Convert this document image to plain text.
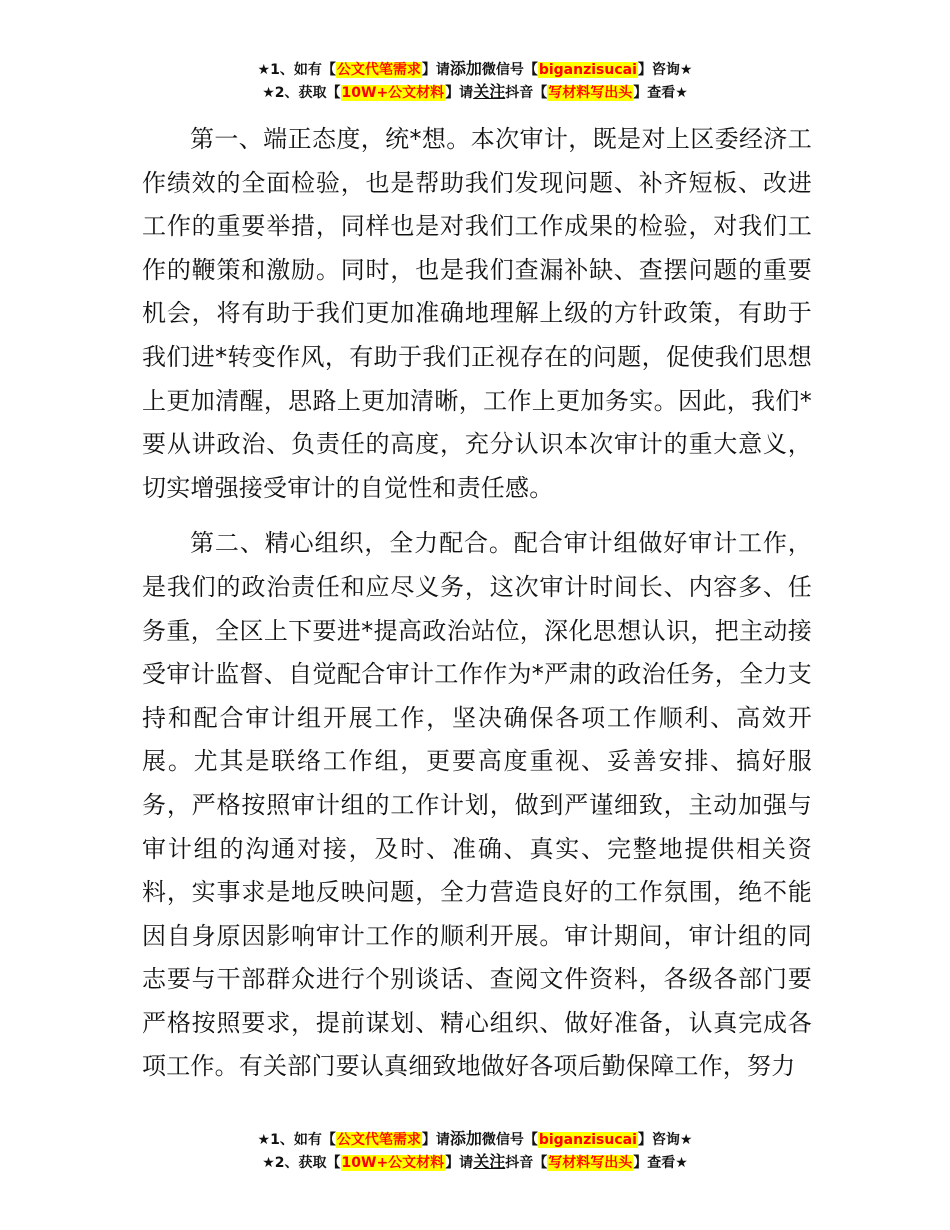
★1、如有【公文代笔需求】请添加微信号【biganzisucai】咨询★
★2、获取【10W+公文材料】请关注抖音【写材料写出头】查看★

第一、端正态度，统*想。本次审计，既是对上区委经济工作绩效的全面检验，也是帮助我们发现问题、补齐短板、改进工作的重要举措，同样也是对我们工作成果的检验，对我们工作的鞭策和激励。同时，也是我们查漏补缺、查摆问题的重要机会，将有助于我们更加准确地理解上级的方针政策，有助于我们进*转变作风，有助于我们正视存在的问题，促使我们思想上更加清醒，思路上更加清晰，工作上更加务实。因此，我们*要从讲政治、负责任的高度，充分认识本次审计的重大意义，切实增强接受审计的自觉性和责任感。

第二、精心组织，全力配合。配合审计组做好审计工作，是我们的政治责任和应尽义务，这次审计时间长、内容多、任务重，全区上下要进*提高政治站位，深化思想认识，把主动接受审计监督、自觉配合审计工作作为*严肃的政治任务，全力支持和配合审计组开展工作，坚决确保各项工作顺利、高效开展。尤其是联络工作组，更要高度重视、妥善安排、搞好服务，严格按照审计组的工作计划，做到严谨细致，主动加强与审计组的沟通对接，及时、准确、真实、完整地提供相关资料，实事求是地反映问题，全力营造良好的工作氛围，绝不能因自身原因影响审计工作的顺利开展。审计期间，审计组的同志要与干部群众进行个别谈话、查阅文件资料，各级各部门要严格按照要求，提前谋划、精心组织、做好准备，认真完成各项工作。有关部门要认真细致地做好各项后勤保障工作，努力

★1、如有【公文代笔需求】请添加微信号【biganzisucai】咨询★
★2、获取【10W+公文材料】请关注抖音【写材料写出头】查看★
